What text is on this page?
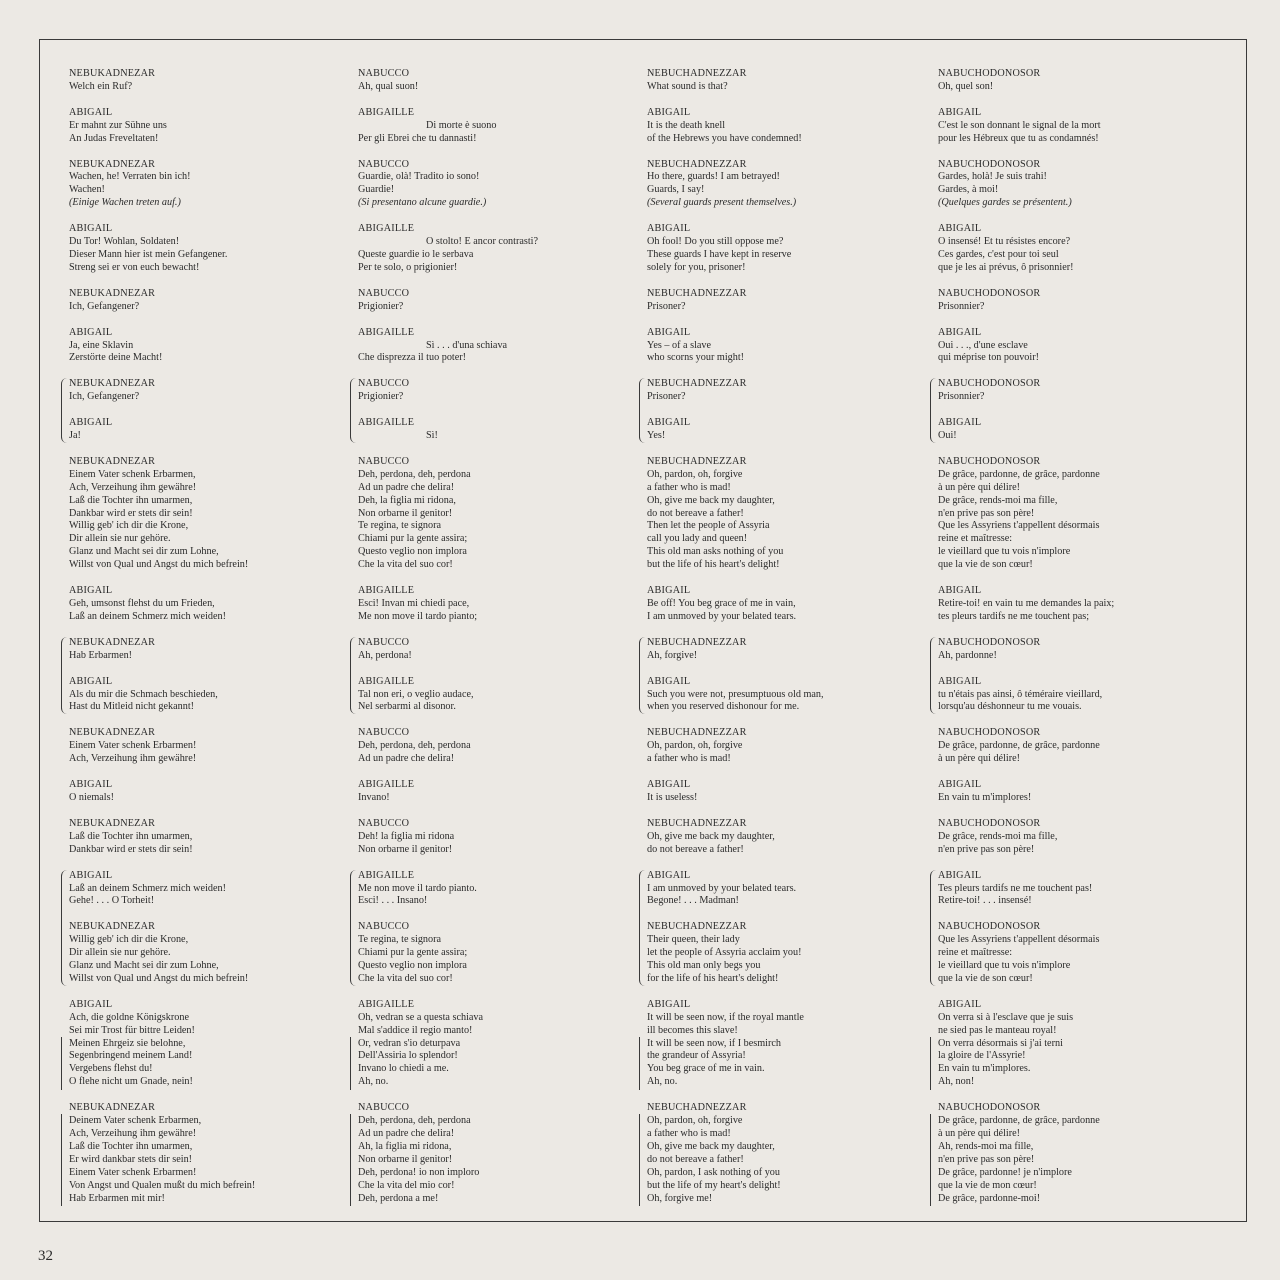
NEBUKADNEZAR
Welch ein Ruf?
ABIGAIL
Er mahnt zur Sühne uns
An Judas Freveltaten!
NEBUKADNEZAR
Wachen, he! Verraten bin ich!
Wachen!
(Einige Wachen treten auf.)
ABIGAIL
Du Tor! Wohlan, Soldaten!
Dieser Mann hier ist mein Gefangener.
Streng sei er von euch bewacht!
NEBUKADNEZAR
Ich, Gefangener?
ABIGAIL
Ja, eine Sklavin
Zerstörte deine Macht!
NEBUKADNEZAR
Ich, Gefangener?
ABIGAIL
Ja!
NEBUKADNEZAR
Einem Vater schenk Erbarmen,
Ach, Verzeihung ihm gewähre!
Laß die Tochter ihn umarmen,
Dankbar wird er stets dir sein!
Willig geb' ich dir die Krone,
Dir allein sie nur gehöre.
Glanz und Macht sei dir zum Lohne,
Willst von Qual und Angst du mich befrein!
ABIGAIL
Geh, umsonst flehst du um Frieden,
Laß an deinem Schmerz mich weiden!
NEBUKADNEZAR
Hab Erbarmen!
ABIGAIL
Als du mir die Schmach beschieden,
Hast du Mitleid nicht gekannt!
NEBUKADNEZAR
Einem Vater schenk Erbarmen!
Ach, Verzeihung ihm gewähre!
ABIGAIL
O niemals!
NEBUKADNEZAR
Laß die Tochter ihn umarmen,
Dankbar wird er stets dir sein!
ABIGAIL
Laß an deinem Schmerz mich weiden!
Gehe! . . . O Torheit!
NEBUKADNEZAR
Willig geb' ich dir die Krone,
Dir allein sie nur gehöre.
Glanz und Macht sei dir zum Lohne,
Willst von Qual und Angst du mich befrein!
ABIGAIL
Ach, die goldne Königskrone
Sei mir Trost für bittre Leiden!
Meinen Ehrgeiz sie belohne,
Segenbringend meinem Land!
Vergebens flehst du!
O flehe nicht um Gnade, nein!
NEBUKADNEZAR
Deinem Vater schenk Erbarmen,
Ach, Verzeihung ihm gewähre!
Laß die Tochter ihn umarmen,
Er wird dankbar stets dir sein!
Einem Vater schenk Erbarmen!
Von Angst und Qualen mußt du mich befrein!
Hab Erbarmen mit mir!
NABUCCO
Ah, qual suon!
ABIGAILLE
Di morte è suono
Per gli Ebrei che tu dannasti!
NABUCCO
Guardie, olà! Tradito io sono!
Guardie!
(Si presentano alcune guardie.)
ABIGAILLE
O stolto! E ancor contrasti?
Queste guardie io le serbava
Per te solo, o prigionier!
NABUCCO
Prigionier?
ABIGAILLE
Sì . . . d'una schiava
Che disprezza il tuo poter!
NABUCCO
Prigionier?
ABIGAILLE
Sì!
NABUCCO
Deh, perdona, deh, perdona
Ad un padre che delira!
Deh, la figlia mi ridona,
Non orbarne il genitor!
Te regina, te signora
Chiami pur la gente assira;
Questo veglio non implora
Che la vita del suo cor!
ABIGAILLE
Esci! Invan mi chiedi pace,
Me non move il tardo pianto;
NABUCCO
Ah, perdona!
ABIGAILLE
Tal non eri, o veglio audace,
Nel serbarmi al disonor.
NABUCCO
Deh, perdona, deh, perdona
Ad un padre che delira!
ABIGAILLE
Invano!
NABUCCO
Deh! la figlia mi ridona
Non orbarne il genitor!
ABIGAILLE
Me non move il tardo pianto.
Esci! . . . Insano!
NABUCCO
Te regina, te signora
Chiami pur la gente assira;
Questo veglio non implora
Che la vita del suo cor!
ABIGAILLE
Oh, vedran se a questa schiava
Mal s'addice il regio manto!
Or, vedran s'io deturpava
Dell'Assiria lo splendor!
Invano lo chiedi a me.
Ah, no.
NABUCCO
Deh, perdona, deh, perdona
Ad un padre che delira!
Ah, la figlia mi ridona,
Non orbarne il genitor!
Deh, perdona! io non imploro
Che la vita del mio cor!
Deh, perdona a me!
NEBUCHADNEZZAR
What sound is that?
ABIGAIL
It is the death knell
of the Hebrews you have condemned!
NEBUCHADNEZZAR
Ho there, guards! I am betrayed!
Guards, I say!
(Several guards present themselves.)
ABIGAIL
Oh fool! Do you still oppose me?
These guards I have kept in reserve
solely for you, prisoner!
NEBUCHADNEZZAR
Prisoner?
ABIGAIL
Yes – of a slave
who scorns your might!
NEBUCHADNEZZAR
Prisoner?
ABIGAIL
Yes!
NEBUCHADNEZZAR
Oh, pardon, oh, forgive
a father who is mad!
Oh, give me back my daughter,
do not bereave a father!
Then let the people of Assyria
call you lady and queen!
This old man asks nothing of you
but the life of his heart's delight!
ABIGAIL
Be off! You beg grace of me in vain,
I am unmoved by your belated tears.
NEBUCHADNEZZAR
Ah, forgive!
ABIGAIL
Such you were not, presumptuous old man,
when you reserved dishonour for me.
NEBUCHADNEZZAR
Oh, pardon, oh, forgive
a father who is mad!
ABIGAIL
It is useless!
NEBUCHADNEZZAR
Oh, give me back my daughter,
do not bereave a father!
ABIGAIL
I am unmoved by your belated tears.
Begone! . . . Madman!
NEBUCHADNEZZAR
Their queen, their lady
let the people of Assyria acclaim you!
This old man only begs you
for the life of his heart's delight!
ABIGAIL
It will be seen now, if the royal mantle
ill becomes this slave!
It will be seen now, if I besmirch
the grandeur of Assyria!
You beg grace of me in vain.
Ah, no.
NEBUCHADNEZZAR
Oh, pardon, oh, forgive
a father who is mad!
Oh, give me back my daughter,
do not bereave a father!
Oh, pardon, I ask nothing of you
but the life of my heart's delight!
Oh, forgive me!
NABUCHODONOSOR
Oh, quel son!
ABIGAIL
C'est le son donnant le signal de la mort
pour les Hébreux que tu as condamnés!
NABUCHODONOSOR
Gardes, holà! Je suis trahi!
Gardes, à moi!
(Quelques gardes se présentent.)
ABIGAIL
O insensé! Et tu résistes encore?
Ces gardes, c'est pour toi seul
que je les ai prévus, ô prisonnier!
NABUCHODONOSOR
Prisonnier?
ABIGAIL
Oui . . ., d'une esclave
qui méprise ton pouvoir!
NABUCHODONOSOR
Prisonnier?
ABIGAIL
Oui!
NABUCHODONOSOR
De grâce, pardonne, de grâce, pardonne
à un père qui délire!
De grâce, rends-moi ma fille,
n'en prive pas son père!
Que les Assyriens t'appellent désormais
reine et maîtresse:
le vieillard que tu vois n'implore
que la vie de son cœur!
ABIGAIL
Retire-toi! en vain tu me demandes la paix;
tes pleurs tardifs ne me touchent pas;
NABUCHODONOSOR
Ah, pardonne!
ABIGAIL
tu n'étais pas ainsi, ô téméraire vieillard,
lorsqu'au déshonneur tu me vouais.
NABUCHODONOSOR
De grâce, pardonne, de grâce, pardonne
à un père qui délire!
ABIGAIL
En vain tu m'implores!
NABUCHODONOSOR
De grâce, rends-moi ma fille,
n'en prive pas son père!
ABIGAIL
Tes pleurs tardifs ne me touchent pas!
Retire-toi! . . . insensé!
NABUCHODONOSOR
Que les Assyriens t'appellent désormais
reine et maîtresse:
le vieillard que tu vois n'implore
que la vie de son cœur!
ABIGAIL
On verra si à l'esclave que je suis
ne sied pas le manteau royal!
On verra désormais si j'ai terni
la gloire de l'Assyrie!
En vain tu m'implores.
Ah, non!
NABUCHODONOSOR
De grâce, pardonne, de grâce, pardonne
à un père qui délire!
Ah, rends-moi ma fille,
n'en prive pas son père!
De grâce, pardonne! je n'implore
que la vie de mon cœur!
De grâce, pardonne-moi!
32
